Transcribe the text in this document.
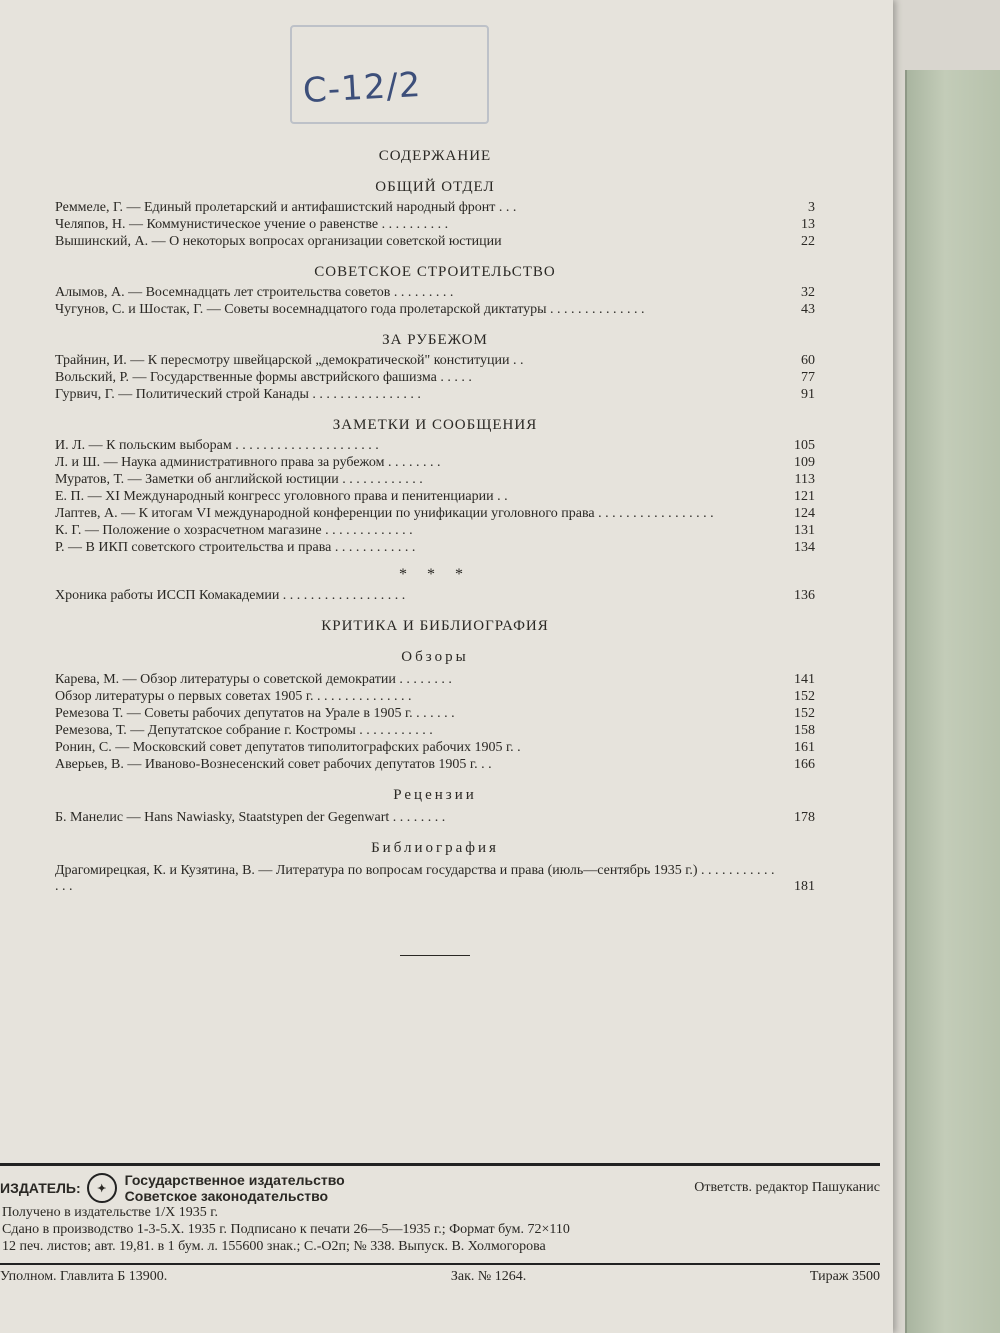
С-12/2
СОДЕРЖАНИЕ
ОБЩИЙ ОТДЕЛ
Реммеле, Г. — Единый пролетарский и антифашистский народный фронт . . .	3
Челяпов, Н. — Коммунистическое учение о равенстве . . . . . . . . . .	13
Вышинский, А. — О некоторых вопросах организации советской юстиции	22
СОВЕТСКОЕ СТРОИТЕЛЬСТВО
Алымов, А. — Восемнадцать лет строительства советов . . . . . . . . .	32
Чугунов, С. и Шостак, Г. — Советы восемнадцатого года пролетарской диктатуры . . . . . . . . . . . . . .	43
ЗА РУБЕЖОМ
Трайнин, И. — К пересмотру швейцарской „демократической" конституции . .	60
Вольский, Р. — Государственные формы австрийского фашизма . . . . .	77
Гурвич, Г. — Политический строй Канады . . . . . . . . . . . . . . . .	91
ЗАМЕТКИ И СООБЩЕНИЯ
И. Л. — К польским выборам . . . . . . . . . . . . . . . . . . . . .	105
Л. и Ш. — Наука административного права за рубежом . . . . . . . .	109
Муратов, Т. — Заметки об английской юстиции . . . . . . . . . . . .	113
Е. П. — XI Международный конгресс уголовного права и пенитенциарии . .	121
Лаптев, А. — К итогам VI международной конференции по унификации уголовного права . . . . . . . . . . . . . . . . .	124
К. Г. — Положение о хозрасчетном магазине . . . . . . . . . . . . .	131
Р. — В ИКП советского строительства и права . . . . . . . . . . . .	134
* * *
Хроника работы ИССП Комакадемии . . . . . . . . . . . . . . . . . .	136
КРИТИКА И БИБЛИОГРАФИЯ
Обзоры
Карева, М. — Обзор литературы о советской демократии . . . . . . . .	141
Обзор литературы о первых советах 1905 г. . . . . . . . . . . . . . .	152
Ремезова Т. — Советы рабочих депутатов на Урале в 1905 г. . . . . . .	152
Ремезова, Т. — Депутатское собрание г. Костромы . . . . . . . . . . .	158
Ронин, С. — Московский совет депутатов типолитографских рабочих 1905 г. .	161
Аверьев, В. — Иваново-Вознесенский совет рабочих депутатов 1905 г. . .	166
Рецензии
Б. Манелис — Hans Nawiasky, Staatstypen der Gegenwart . . . . . . . .	178
Библиография
Драгомирецкая, К. и Кузятина, В. — Литература по вопросам государства и права (июль—сентябрь 1935 г.) . . . . . . . . . . . . . .	181
ИЗДАТЕЛЬ:	✦
Государственное издательство
Советское законодательство
Ответств. редактор Пашуканис
Получено в издательстве 1/X 1935 г.
Сдано в производство 1-3-5.X. 1935 г. Подписано к печати 26—5—1935 г.; Формат бум. 72×110
12 печ. листов; авт. 19,81. в 1 бум. л. 155600 знак.; С.-О2п; № 338. Выпуск. В. Холмогорова
Уполном. Главлита Б 13900.	Зак. № 1264.	Тираж 3500
